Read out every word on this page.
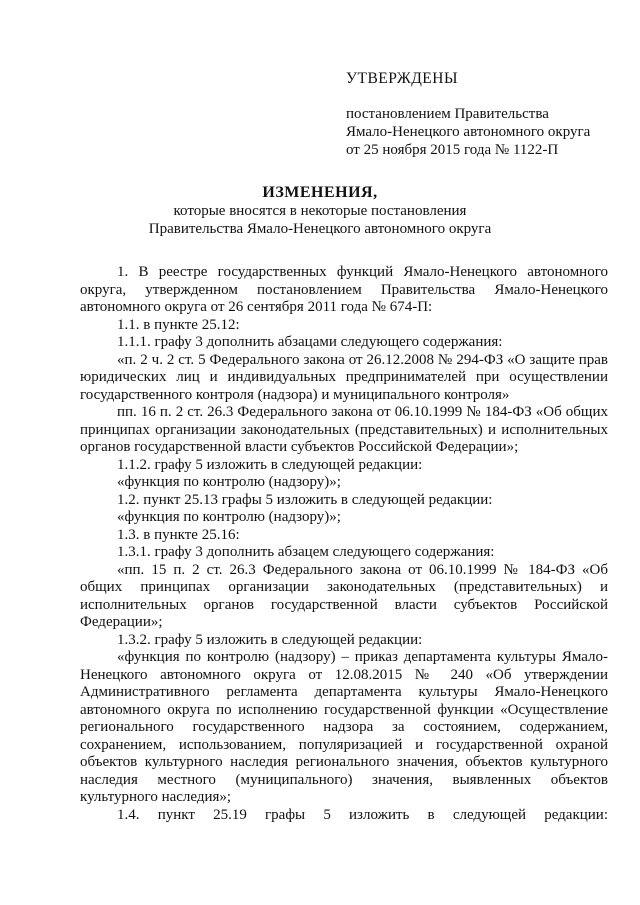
УТВЕРЖДЕНЫ
постановлением Правительства
Ямало-Ненецкого автономного округа
от 25 ноября 2015 года № 1122-П
ИЗМЕНЕНИЯ,
которые вносятся в некоторые постановления
Правительства Ямало-Ненецкого автономного округа

1. В реестре государственных функций Ямало-Ненецкого автономного округа, утвержденном постановлением Правительства Ямало-Ненецкого автономного округа от 26 сентября 2011 года № 674-П:

1.1. в пункте 25.12:

1.1.1. графу 3 дополнить абзацами следующего содержания:

«п. 2 ч. 2 ст. 5 Федерального закона от 26.12.2008 № 294-ФЗ «О защите прав юридических лиц и индивидуальных предпринимателей при осуществлении государственного контроля (надзора) и муниципального контроля»

пп. 16 п. 2 ст. 26.3 Федерального закона от 06.10.1999 № 184-ФЗ «Об общих принципах организации законодательных (представительных) и исполнительных органов государственной власти субъектов Российской Федерации»;

1.1.2. графу 5 изложить в следующей редакции:

«функция по контролю (надзору)»;

1.2. пункт 25.13 графы 5 изложить в следующей редакции:

«функция по контролю (надзору)»;

1.3. в пункте 25.16:

1.3.1. графу 3 дополнить абзацем следующего содержания:

«пп. 15 п. 2 ст. 26.3 Федерального закона от 06.10.1999 № 184-ФЗ «Об общих принципах организации законодательных (представительных) и исполнительных органов государственной власти субъектов Российской Федерации»;

1.3.2. графу 5 изложить в следующей редакции:

«функция по контролю (надзору) – приказ департамента культуры Ямало-Ненецкого автономного округа от 12.08.2015 № 240 «Об утверждении Административного регламента департамента культуры Ямало-Ненецкого автономного округа по исполнению государственной функции «Осуществление регионального государственного надзора за состоянием, содержанием, сохранением, использованием, популяризацией и государственной охраной объектов культурного наследия регионального значения, объектов культурного наследия местного (муниципального) значения, выявленных объектов культурного наследия»;

1.4. пункт 25.19 графы 5 изложить в следующей редакции:
